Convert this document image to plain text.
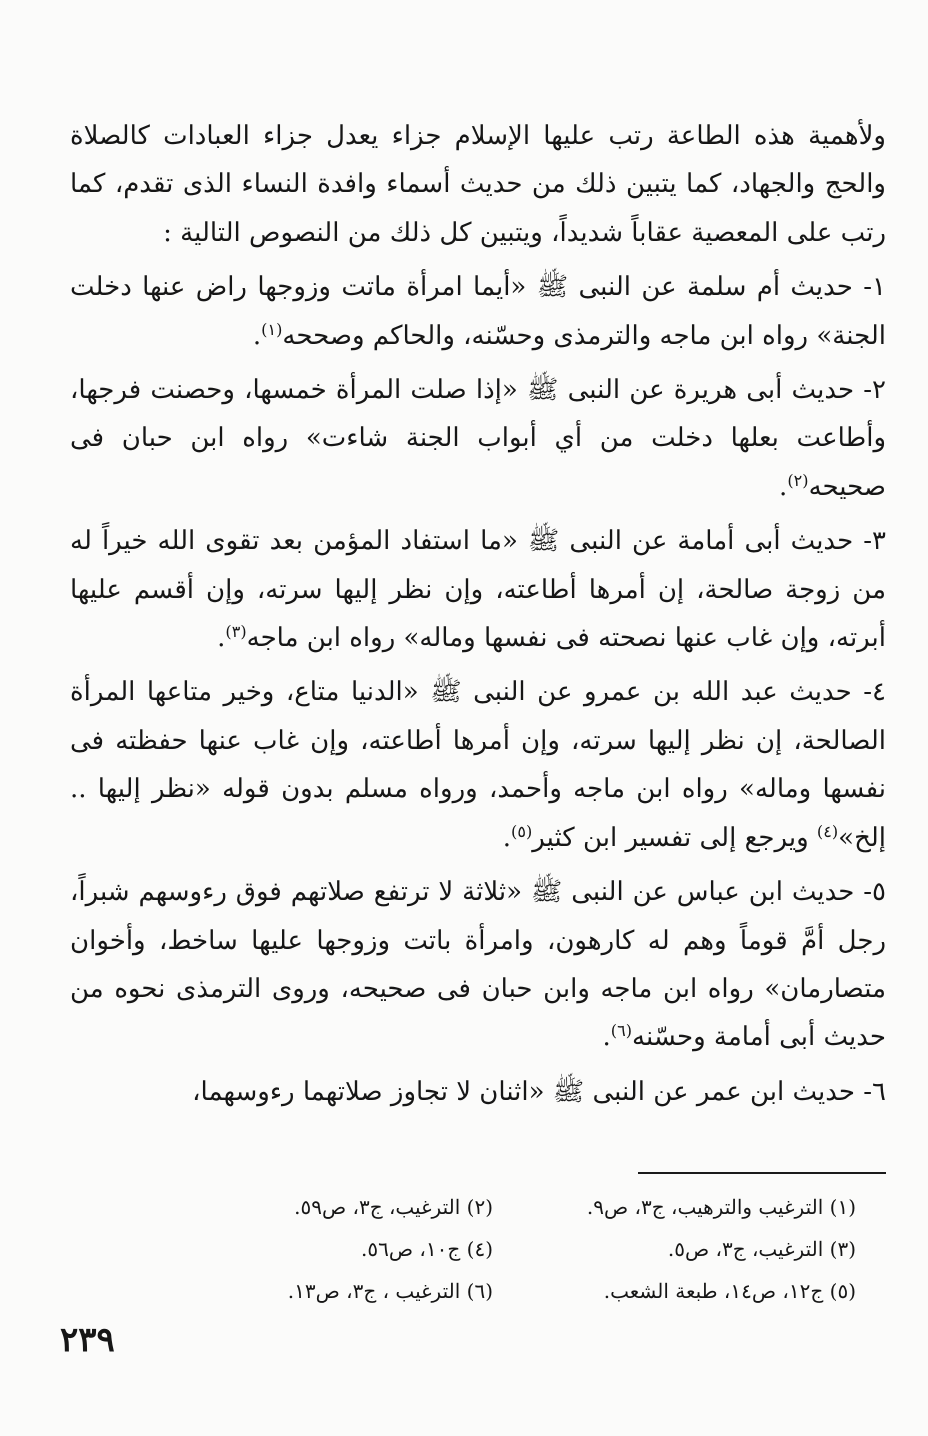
ولأهمية هذه الطاعة رتب عليها الإسلام جزاء يعدل جزاء العبادات كالصلاة والحج والجهاد، كما يتبين ذلك من حديث أسماء وافدة النساء الذى تقدم، كما رتب على المعصية عقاباً شديداً، ويتبين كل ذلك من النصوص التالية :

١- حديث أم سلمة عن النبى ﷺ «أيما امرأة ماتت وزوجها راض عنها دخلت الجنة» رواه ابن ماجه والترمذى وحسّنه، والحاكم وصححه$^{(١)}$.

٢- حديث أبى هريرة عن النبى ﷺ «إذا صلت المرأة خمسها، وحصنت فرجها، وأطاعت بعلها دخلت من أي أبواب الجنة شاءت» رواه ابن حبان فى صحيحه$^{(٢)}$.

٣- حديث أبى أمامة عن النبى ﷺ «ما استفاد المؤمن بعد تقوى الله خيراً له من زوجة صالحة، إن أمرها أطاعته، وإن نظر إليها سرته، وإن أقسم عليها أبرته، وإن غاب عنها نصحته فى نفسها وماله» رواه ابن ماجه$^{(٣)}$.

٤- حديث عبد الله بن عمرو عن النبى ﷺ «الدنيا متاع، وخير متاعها المرأة الصالحة، إن نظر إليها سرته، وإن أمرها أطاعته، وإن غاب عنها حفظته فى نفسها وماله» رواه ابن ماجه وأحمد، ورواه مسلم بدون قوله «نظر إليها .. إلخ»$^{(٤)}$ ويرجع إلى تفسير ابن كثير$^{(٥)}$.

٥- حديث ابن عباس عن النبى ﷺ «ثلاثة لا ترتفع صلاتهم فوق رءوسهم شبراً، رجل أمَّ قوماً وهم له كارهون، وامرأة باتت وزوجها عليها ساخط، وأخوان متصارمان» رواه ابن ماجه وابن حبان فى صحيحه، وروى الترمذى نحوه من حديث أبى أمامة وحسّنه$^{(٦)}$.

٦- حديث ابن عمر عن النبى ﷺ «اثنان لا تجاوز صلاتهما رءوسهما،

(١) الترغيب والترهيب، ج٣، ص٩.
(٢) الترغيب، ج٣، ص٥٩.
(٣) الترغيب، ج٣، ص٥.
(٤) ج١٠، ص٥٦.
(٥) ج١٢، ص١٤، طبعة الشعب.
(٦) الترغيب ، ج٣، ص١٣.
٢٣٩
